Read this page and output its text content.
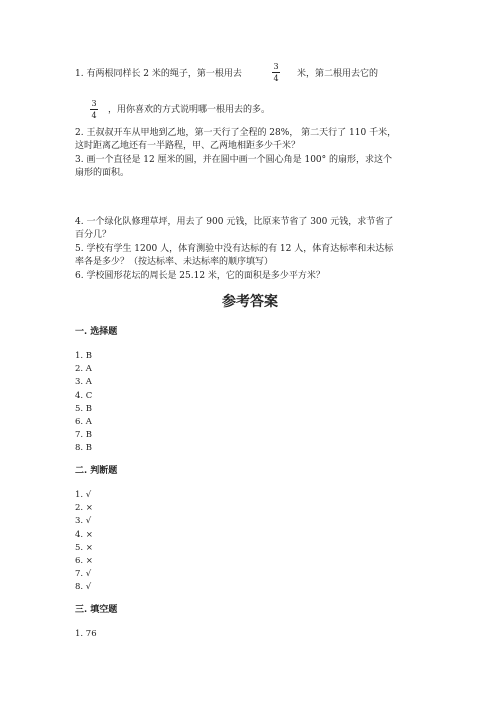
1. 有两根同样长 2 米的绳子，第一根用去
3
4	米，第二根用去它的
3
4
，用你喜欢的方式说明哪一根用去的多。
2. 王叔叔开车从甲地到乙地，第一天行了全程的 28%， 第二天行了 110 千米，
这时距离乙地还有一半路程，甲、乙两地相距多少千米？
3. 画一个直径是 12 厘米的圆，并在圆中画一个圆心角是 100° 的扇形，求这个
扇形的面积。
4. 一个绿化队修理草坪，用去了 900 元钱，比原来节省了 300 元钱，求节省了
百分几？
5. 学校有学生 1200 人，体育测验中没有达标的有 12 人，体育达标率和未达标
率各是多少？（按达标率、未达标率的顺序填写）
6. 学校圆形花坛的周长是 25.12 米，它的面积是多少平方米？
参考答案
一. 选择题
1. B
2. A
3. A
4. C
5. B
6. A
7. B
8. B
二. 判断题
1. √
2. ×
3. √
4. ×
5. ×
6. ×
7. √
8. √
三. 填空题
1. 76
